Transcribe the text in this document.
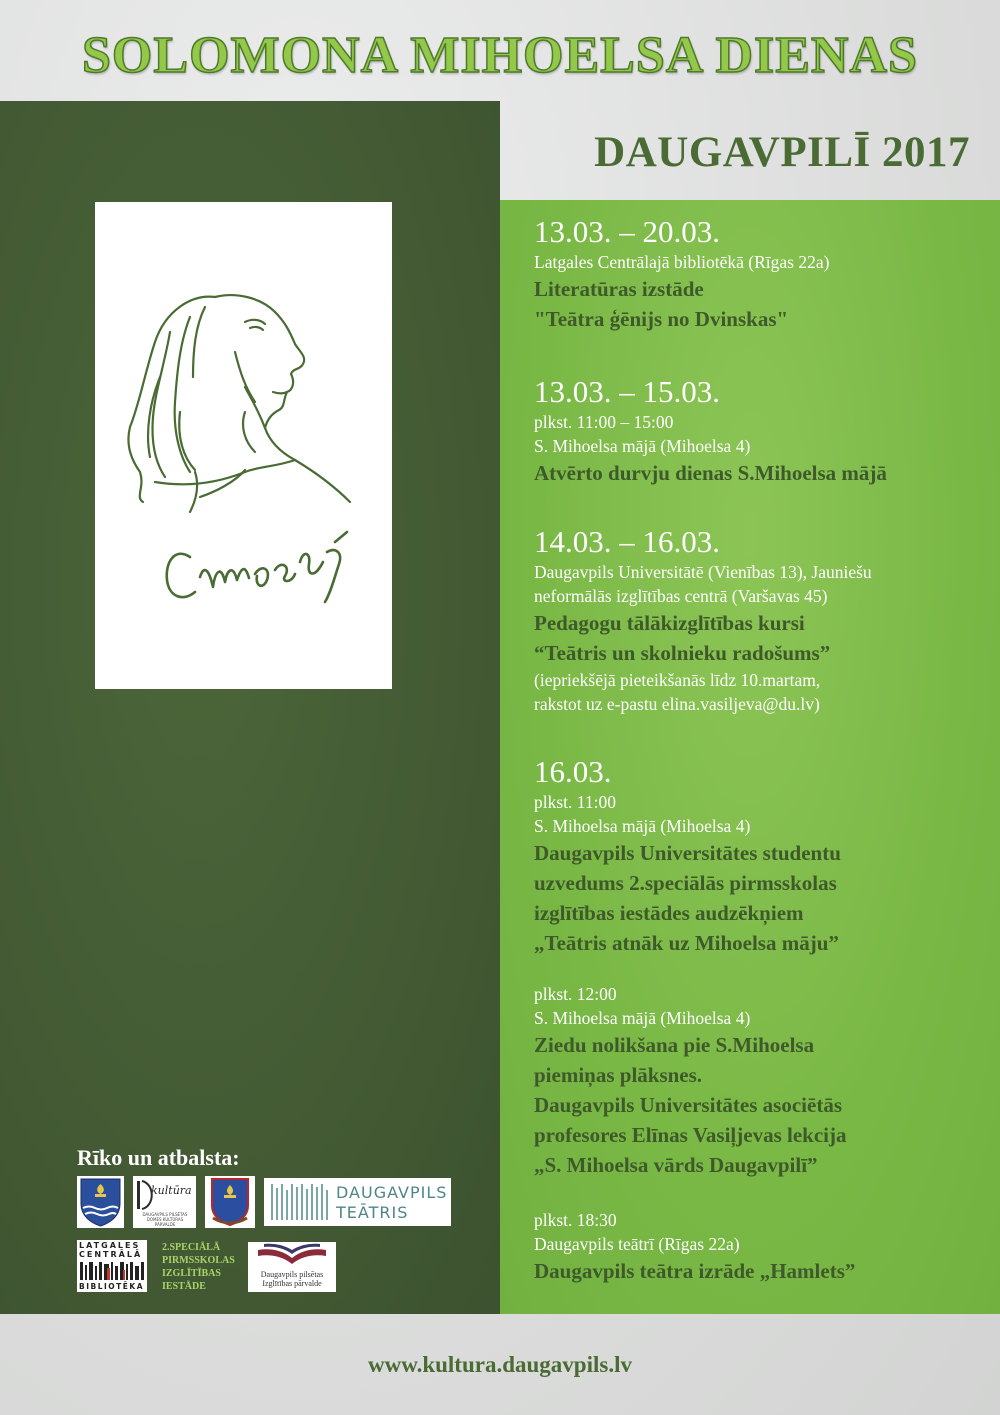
SOLOMONA MIHOELSA DIENAS
DAUGAVPILĪ 2017
13.03. – 20.03.
Latgales Centrālajā bibliotēkā (Rīgas 22a)
Literatūras izstāde
"Teātra ģēnijs no Dvinskas"
13.03. – 15.03.
plkst. 11:00 – 15:00
S. Mihoelsa mājā (Mihoelsa 4)
Atvērto durvju dienas S.Mihoelsa mājā
14.03. – 16.03.
Daugavpils Universitātē (Vienības 13), Jauniešu
neformālās izglītības centrā (Varšavas 45)
Pedagogu tālākizglītības kursi
“Teātris un skolnieku radošums”
(iepriekšējā pieteikšanās līdz 10.martam,
rakstot uz e-pastu elina.vasiljeva@du.lv)
16.03.
plkst. 11:00
S. Mihoelsa mājā (Mihoelsa 4)
Daugavpils Universitātes studentu
uzvedums 2.speciālās pirmsskolas
izglītības iestādes audzēkņiem
„Teātris atnāk uz Mihoelsa māju”
plkst. 12:00
S. Mihoelsa mājā (Mihoelsa 4)
Ziedu nolikšana pie S.Mihoelsa
piemiņas plāksnes.
Daugavpils Universitātes asociētās
profesores Elīnas Vasiļjevas lekcija
„S. Mihoelsa vārds Daugavpilī”
plkst. 18:30
Daugavpils teātrī (Rīgas 22a)
Daugavpils teātra izrāde „Hamlets”
Rīko un atbalsta:
kultūra
DAUGAVPILS PILSĒTAS DOMES KULTŪRAS PĀRVALDE
DAUGAVPILS
TEĀTRIS
LATGALES
CENTRĀLĀ
BIBLIOTĒKA
2.SPECIĀLĀ
PIRMSSKOLAS
IZGLĪTĪBAS
IESTĀDE
Daugavpils pilsētas
Izglītības pārvalde
www.kultura.daugavpils.lv
